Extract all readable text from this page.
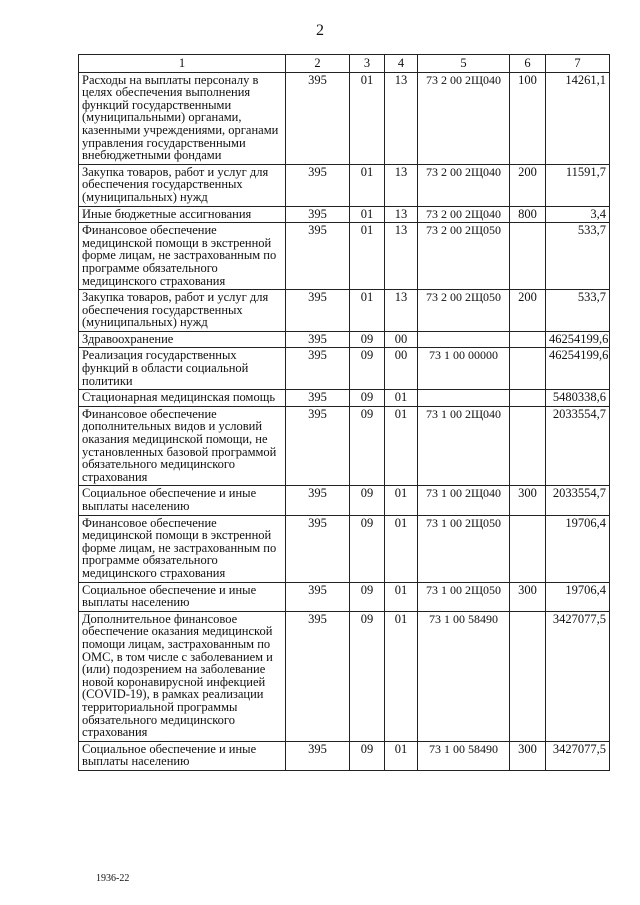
2
1	2	3	4	5	6	7
Расходы на выплаты персоналу в целях обеспечения выполнения функций государственными (муниципальными) органами, казенными учреждениями, органами управления государственными внебюджетными фондами	395	01	13	73 2 00 2Щ040	100	14261,1
Закупка товаров, работ и услуг для обеспечения государственных (муниципальных) нужд	395	01	13	73 2 00 2Щ040	200	11591,7
Иные бюджетные ассигнования	395	01	13	73 2 00 2Щ040	800	3,4
Финансовое обеспечение медицинской помощи в экстренной форме лицам, не застрахованным по программе обязательного медицинского страхования	395	01	13	73 2 00 2Щ050		533,7
Закупка товаров, работ и услуг для обеспечения государственных (муниципальных) нужд	395	01	13	73 2 00 2Щ050	200	533,7
Здравоохранение	395	09	00			46254199,6
Реализация государственных функций в области социальной политики	395	09	00	73 1 00 00000		46254199,6
Стационарная медицинская помощь	395	09	01			5480338,6
Финансовое обеспечение дополнительных видов и условий оказания медицинской помощи, не установленных базовой программой обязательного медицинского страхования	395	09	01	73 1 00 2Щ040		2033554,7
Социальное обеспечение и иные выплаты населению	395	09	01	73 1 00 2Щ040	300	2033554,7
Финансовое обеспечение медицинской помощи в экстренной форме лицам, не застрахованным по программе обязательного медицинского страхования	395	09	01	73 1 00 2Щ050		19706,4
Социальное обеспечение и иные выплаты населению	395	09	01	73 1 00 2Щ050	300	19706,4
Дополнительное финансовое обеспечение оказания медицинской помощи лицам, застрахованным по ОМС, в том числе с заболеванием и (или) подозрением на заболевание новой коронавирусной инфекцией (COVID-19), в рамках реализации территориальной программы обязательного медицинского страхования	395	09	01	73 1 00 58490		3427077,5
Социальное обеспечение и иные выплаты населению	395	09	01	73 1 00 58490	300	3427077,5
1936-22
